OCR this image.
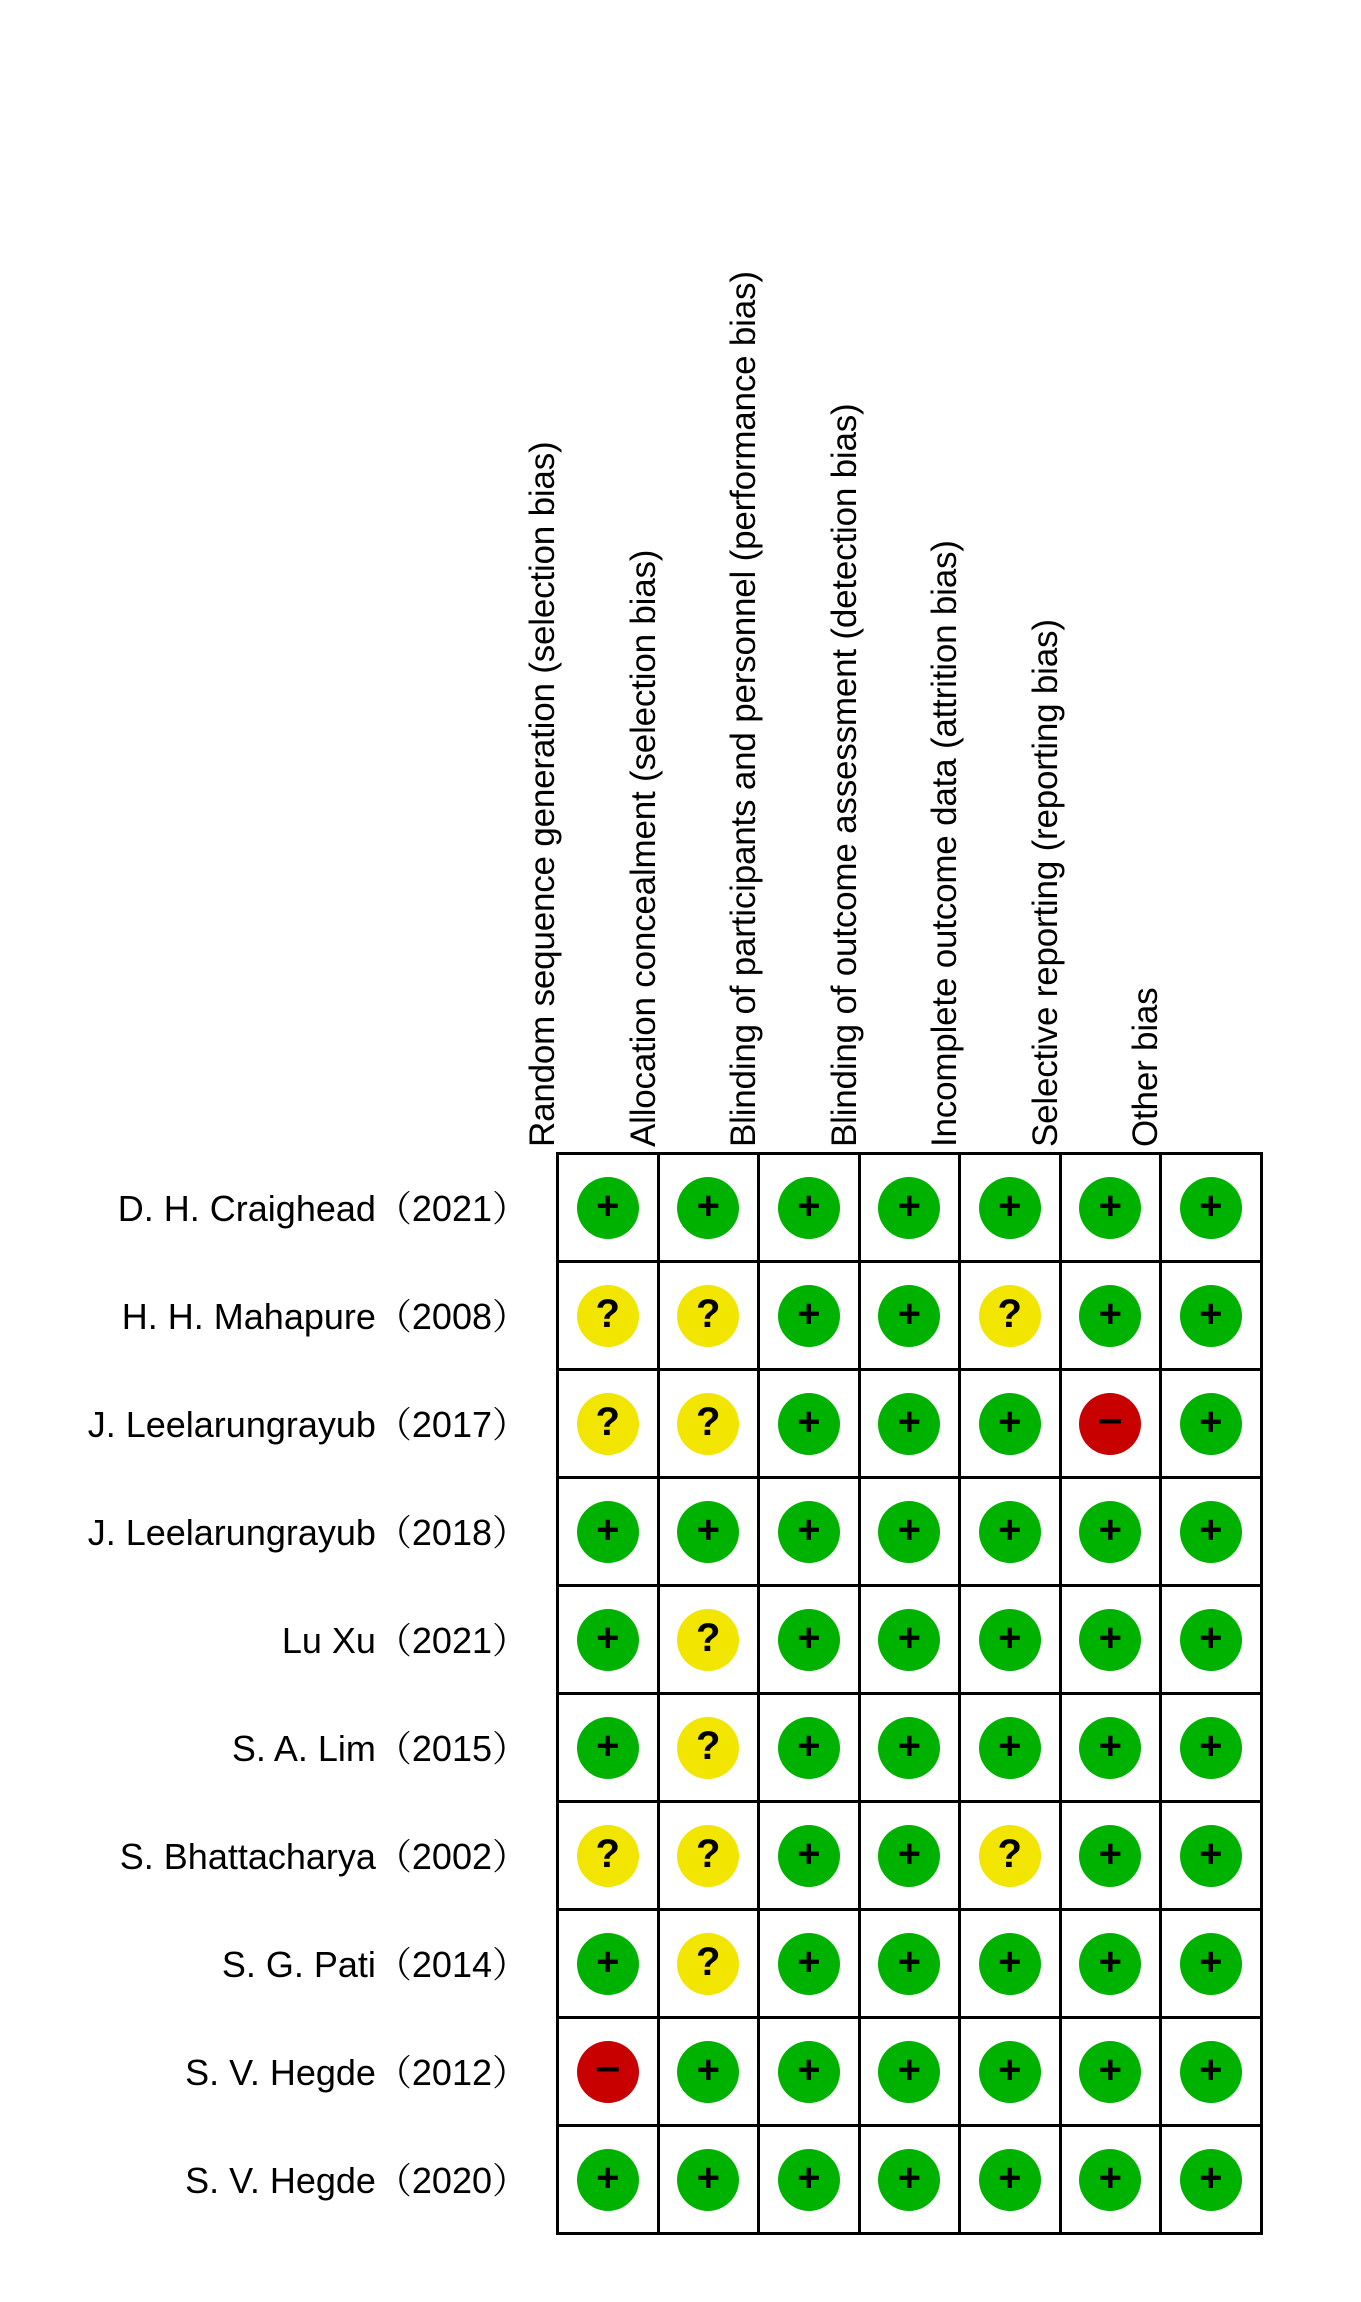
Random sequence generation (selection bias) Allocation concealment (selection bias) Blinding of participants and personnel (performance bias) Blinding of outcome assessment (detection bias) Incomplete outcome data (attrition bias) Selective reporting (reporting bias) Other bias
D. H. Craighead（2021）
H. H. Mahapure（2008）
J. Leelarungrayub（2017）
J. Leelarungrayub（2018）
Lu Xu（2021）
S. A. Lim（2015）
S. Bhattacharya（2002）
S. G. Pati（2014）
S. V. Hegde（2012）
S. V. Hegde（2020）
+ + + + + + +
? ? + + ? + +
? ? + + + – +
+ + + + + + +
+ ? + + + + +
+ ? + + + + +
? ? + + ? + +
+ ? + + + + +
– + + + + + +
+ + + + + + +
